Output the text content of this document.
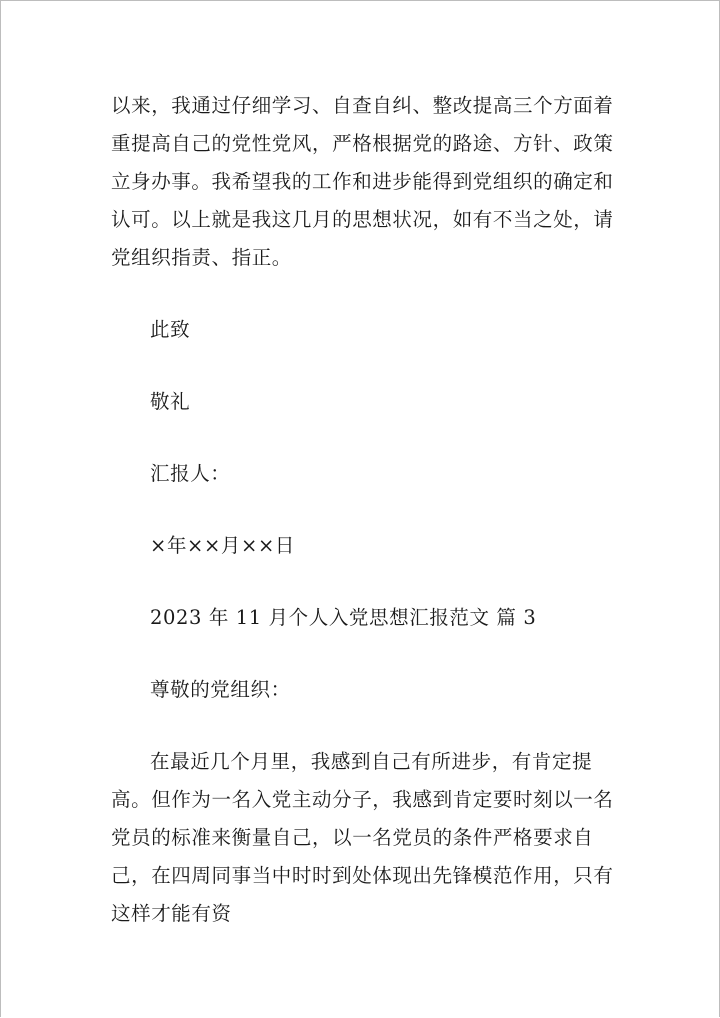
以来，我通过仔细学习、自查自纠、整改提高三个方面着重提高自己的党性党风，严格根据党的路途、方针、政策立身办事。我希望我的工作和进步能得到党组织的确定和认可。以上就是我这几月的思想状况，如有不当之处，请党组织指责、指正。

此致

敬礼

汇报人：

×年××月××日

2023 年 11 月个人入党思想汇报范文 篇 3

尊敬的党组织：

在最近几个月里，我感到自己有所进步，有肯定提高。但作为一名入党主动分子，我感到肯定要时刻以一名党员的标准来衡量自己，以一名党员的条件严格要求自己，在四周同事当中时时到处体现出先锋模范作用，只有这样才能有资
